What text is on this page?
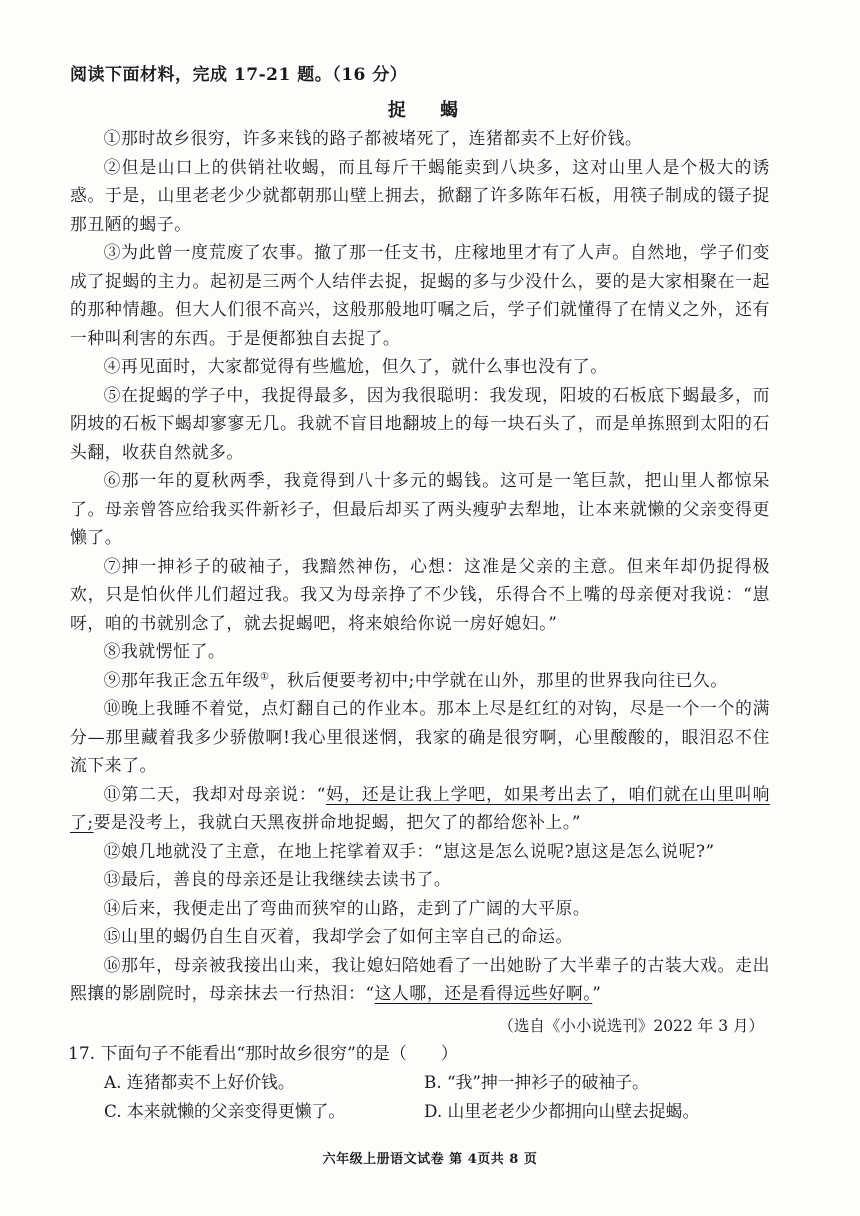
阅读下面材料，完成 17-21 题。（16 分）
捉 蝎

①那时故乡很穷，许多来钱的路子都被堵死了，连猪都卖不上好价钱。

②但是山口上的供销社收蝎，而且每斤干蝎能卖到八块多，这对山里人是个极大的诱惑。于是，山里老老少少就都朝那山壁上拥去，掀翻了许多陈年石板，用筷子制成的镊子捉那丑陋的蝎子。

③为此曾一度荒废了农事。撤了那一任支书，庄稼地里才有了人声。自然地，学子们变成了捉蝎的主力。起初是三两个人结伴去捉，捉蝎的多与少没什么，要的是大家相聚在一起的那种情趣。但大人们很不高兴，这般那般地叮嘱之后，学子们就懂得了在情义之外，还有一种叫利害的东西。于是便都独自去捉了。

④再见面时，大家都觉得有些尴尬，但久了，就什么事也没有了。

⑤在捉蝎的学子中，我捉得最多，因为我很聪明：我发现，阳坡的石板底下蝎最多，而阴坡的石板下蝎却寥寥无几。我就不盲目地翻坡上的每一块石头了，而是单拣照到太阳的石头翻，收获自然就多。

⑥那一年的夏秋两季，我竟得到八十多元的蝎钱。这可是一笔巨款，把山里人都惊呆了。母亲曾答应给我买件新衫子，但最后却买了两头瘦驴去犁地，让本来就懒的父亲变得更懒了。

⑦抻一抻衫子的破袖子，我黯然神伤，心想：这准是父亲的主意。但来年却仍捉得极欢，只是怕伙伴儿们超过我。我又为母亲挣了不少钱，乐得合不上嘴的母亲便对我说：“崽呀，咱的书就别念了，就去捉蝎吧，将来娘给你说一房好媳妇。”

⑧我就愣怔了。

⑨那年我正念五年级①，秋后便要考初中;中学就在山外，那里的世界我向往已久。

⑩晚上我睡不着觉，点灯翻自己的作业本。那本上尽是红红的对钩，尽是一个一个的满分—那里藏着我多少骄傲啊!我心里很迷惘，我家的确是很穷啊，心里酸酸的，眼泪忍不住流下来了。

⑪第二天，我却对母亲说：“妈，还是让我上学吧，如果考出去了，咱们就在山里叫响了;要是没考上，我就白天黑夜拼命地捉蝎，把欠了的都给您补上。”

⑫娘几地就没了主意，在地上挓挲着双手：“崽这是怎么说呢?崽这是怎么说呢?”

⑬最后，善良的母亲还是让我继续去读书了。

⑭后来，我便走出了弯曲而狭窄的山路，走到了广阔的大平原。

⑮山里的蝎仍自生自灭着，我却学会了如何主宰自己的命运。

⑯那年，母亲被我接出山来，我让媳妇陪她看了一出她盼了大半辈子的古装大戏。走出熙攘的影剧院时，母亲抹去一行热泪：“这人哪，还是看得远些好啊。”

（选自《小小说选刊》2022 年 3 月）
17. 下面句子不能看出“那时故乡很穷”的是（　　）
A. 连猪都卖不上好价钱。	B. “我”抻一抻衫子的破袖子。
C. 本来就懒的父亲变得更懒了。	D. 山里老老少少都拥向山壁去捉蝎。
六年级上册语文试卷 第 4页共 8 页
